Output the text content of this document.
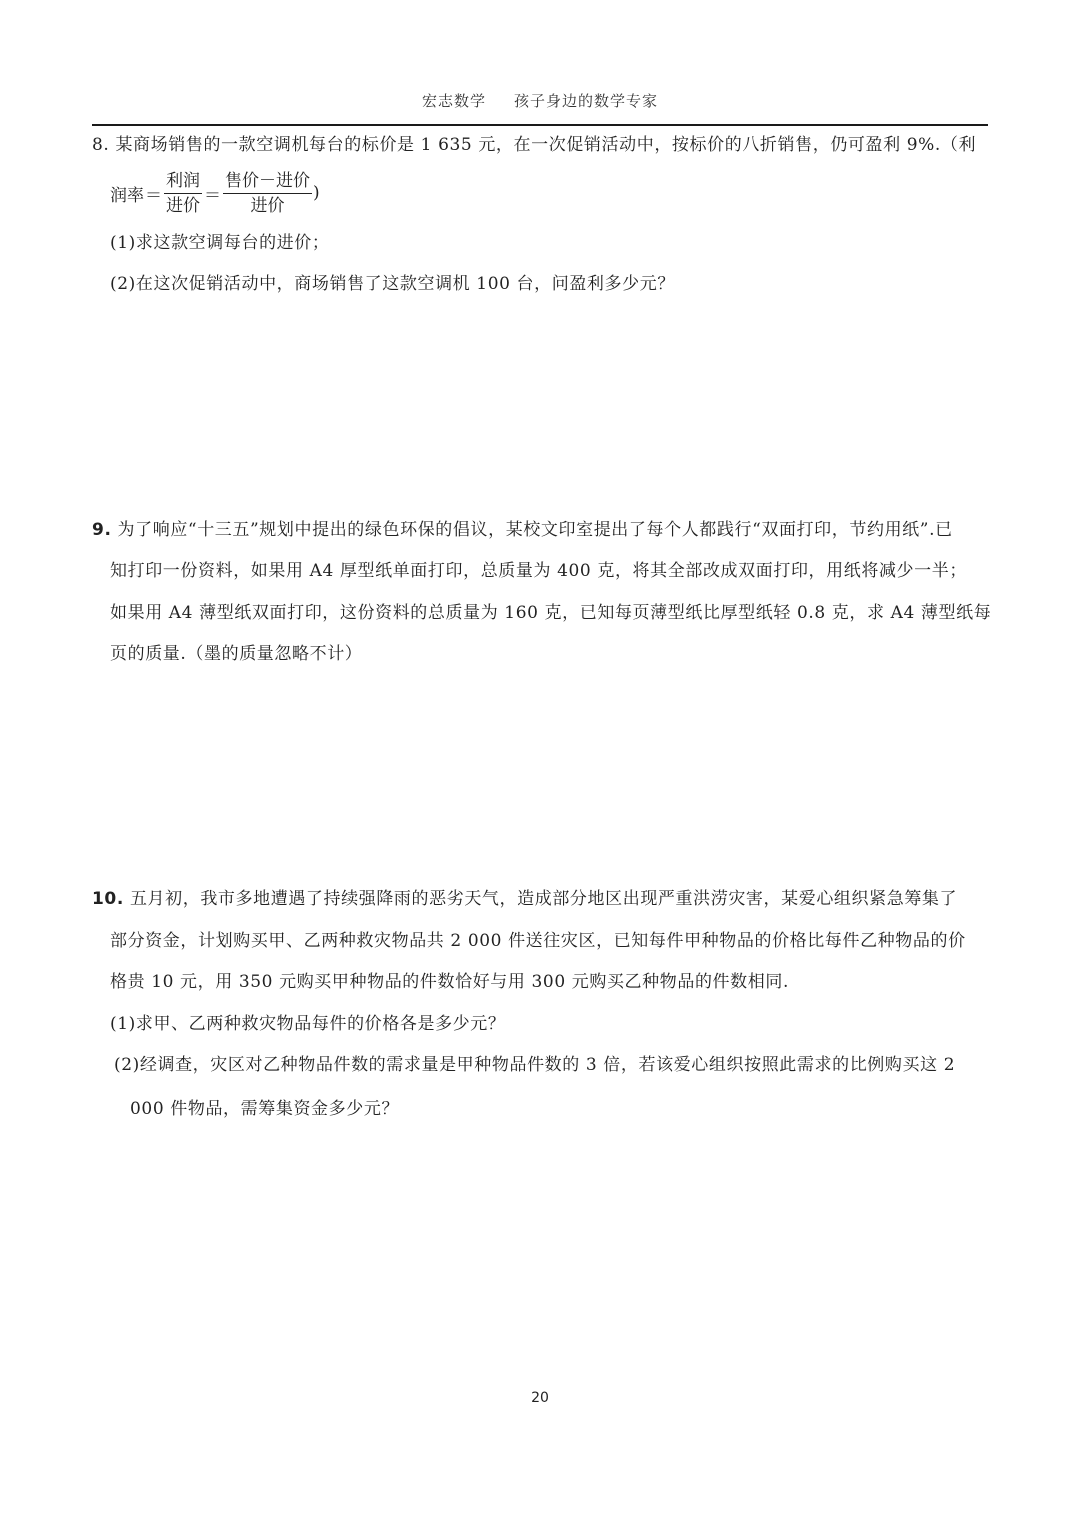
宏志数学 孩子身边的数学专家
8. 某商场销售的一款空调机每台的标价是 1 635 元，在一次促销活动中，按标价的八折销售，仍可盈利 9%.（利
润率 ＝ $\frac{\text{利润}}{\text{进价}} = \frac{\text{售价－进价}}{\text{进价}}$ )
(1)求这款空调每台的进价；
(2)在这次促销活动中，商场销售了这款空调机 100 台，问盈利多少元？
9. 为了响应“十三五”规划中提出的绿色环保的倡议，某校文印室提出了每个人都践行“双面打印，节约用纸”.已
知打印一份资料，如果用 A4 厚型纸单面打印，总质量为 400 克，将其全部改成双面打印，用纸将减少一半；
如果用 A4 薄型纸双面打印，这份资料的总质量为 160 克，已知每页薄型纸比厚型纸轻 0.8 克，求 A4 薄型纸每
页的质量.（墨的质量忽略不计）
10. 五月初，我市多地遭遇了持续强降雨的恶劣天气，造成部分地区出现严重洪涝灾害，某爱心组织紧急筹集了
部分资金，计划购买甲、乙两种救灾物品共 2 000 件送往灾区，已知每件甲种物品的价格比每件乙种物品的价
格贵 10 元，用 350 元购买甲种物品的件数恰好与用 300 元购买乙种物品的件数相同.
(1)求甲、乙两种救灾物品每件的价格各是多少元？
(2)经调查，灾区对乙种物品件数的需求量是甲种物品件数的 3 倍，若该爱心组织按照此需求的比例购买这 2
000 件物品，需筹集资金多少元？
20
